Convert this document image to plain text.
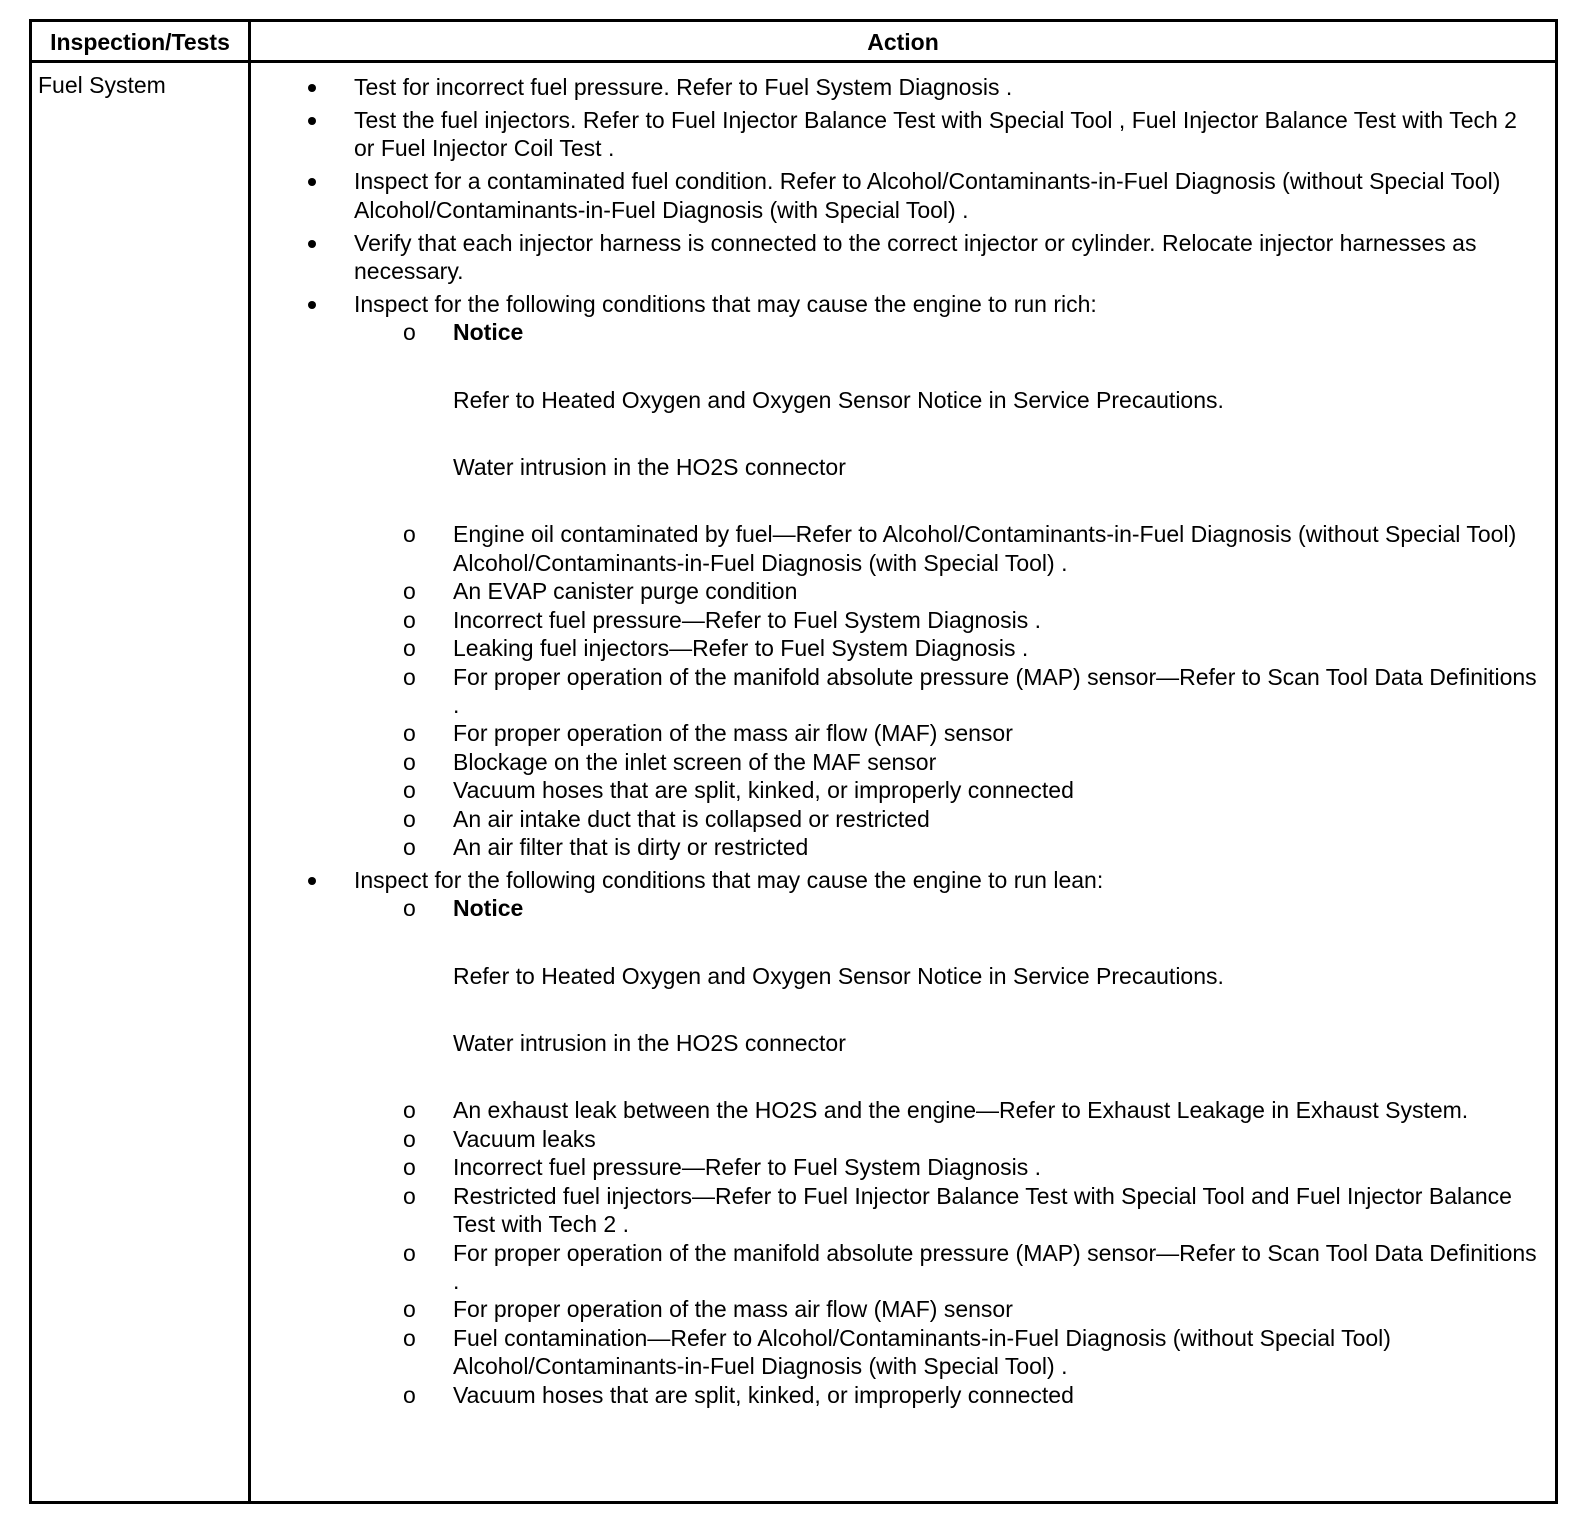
Inspection/Tests	Action
Fuel System	Test for incorrect fuel pressure. Refer to Fuel System Diagnosis .
Test the fuel injectors. Refer to Fuel Injector Balance Test with Special Tool , Fuel Injector Balance Test with Tech 2 or Fuel Injector Coil Test .
Inspect for a contaminated fuel condition. Refer to Alcohol/Contaminants-in-Fuel Diagnosis (without Special Tool) Alcohol/Contaminants-in-Fuel Diagnosis (with Special Tool) .
Verify that each injector harness is connected to the correct injector or cylinder. Relocate injector harnesses as necessary.
Inspect for the following conditions that may cause the engine to run rich:
o Notice
Refer to Heated Oxygen and Oxygen Sensor Notice in Service Precautions.
Water intrusion in the HO2S connector
o Engine oil contaminated by fuel—Refer to Alcohol/Contaminants-in-Fuel Diagnosis (without Special Tool) Alcohol/Contaminants-in-Fuel Diagnosis (with Special Tool) .
o An EVAP canister purge condition
o Incorrect fuel pressure—Refer to Fuel System Diagnosis .
o Leaking fuel injectors—Refer to Fuel System Diagnosis .
o For proper operation of the manifold absolute pressure (MAP) sensor—Refer to Scan Tool Data Definitions .
o For proper operation of the mass air flow (MAF) sensor
o Blockage on the inlet screen of the MAF sensor
o Vacuum hoses that are split, kinked, or improperly connected
o An air intake duct that is collapsed or restricted
o An air filter that is dirty or restricted
Inspect for the following conditions that may cause the engine to run lean:
o Notice
Refer to Heated Oxygen and Oxygen Sensor Notice in Service Precautions.
Water intrusion in the HO2S connector
o An exhaust leak between the HO2S and the engine—Refer to Exhaust Leakage in Exhaust System.
o Vacuum leaks
o Incorrect fuel pressure—Refer to Fuel System Diagnosis .
o Restricted fuel injectors—Refer to Fuel Injector Balance Test with Special Tool and Fuel Injector Balance Test with Tech 2 .
o For proper operation of the manifold absolute pressure (MAP) sensor—Refer to Scan Tool Data Definitions .
o For proper operation of the mass air flow (MAF) sensor
o Fuel contamination—Refer to Alcohol/Contaminants-in-Fuel Diagnosis (without Special Tool) Alcohol/Contaminants-in-Fuel Diagnosis (with Special Tool) .
o Vacuum hoses that are split, kinked, or improperly connected
